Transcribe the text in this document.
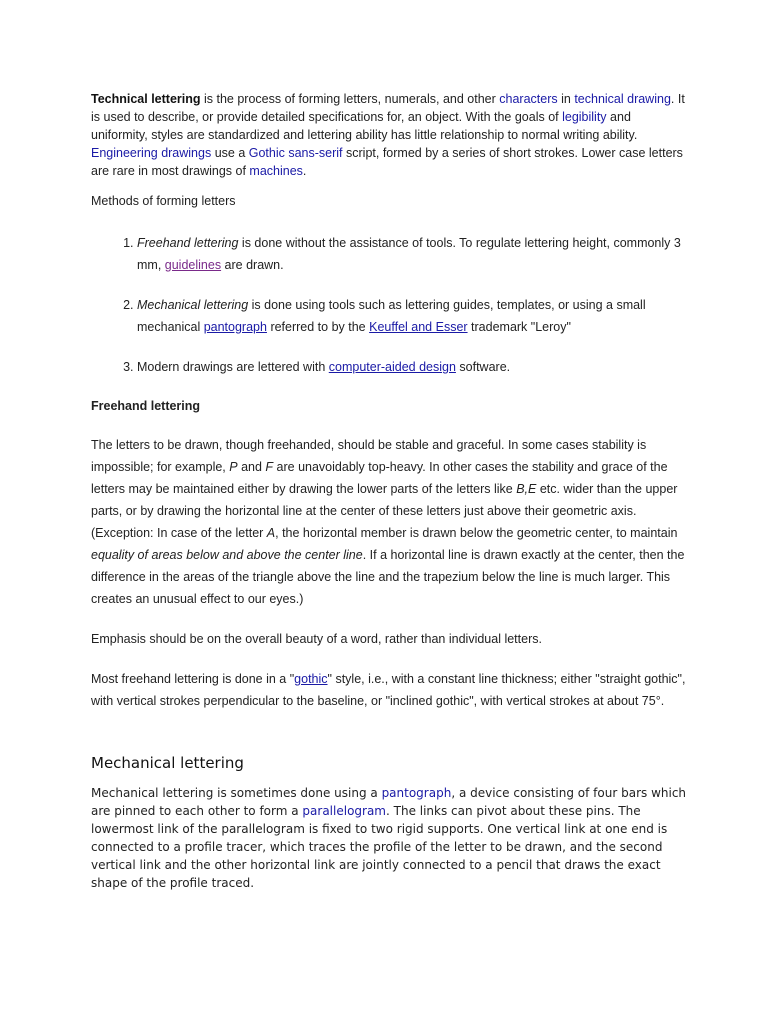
Technical lettering is the process of forming letters, numerals, and other characters in technical drawing. It is used to describe, or provide detailed specifications for, an object. With the goals of legibility and uniformity, styles are standardized and lettering ability has little relationship to normal writing ability. Engineering drawings use a Gothic sans-serif script, formed by a series of short strokes. Lower case letters are rare in most drawings of machines.

Methods of forming letters

1. Freehand lettering is done without the assistance of tools. To regulate lettering height, commonly 3 mm, guidelines are drawn.
2. Mechanical lettering is done using tools such as lettering guides, templates, or using a small mechanical pantograph referred to by the Keuffel and Esser trademark "Leroy"
3. Modern drawings are lettered with computer-aided design software.

Freehand lettering

The letters to be drawn, though freehanded, should be stable and graceful. In some cases stability is impossible; for example, P and F are unavoidably top-heavy. In other cases the stability and grace of the letters may be maintained either by drawing the lower parts of the letters like B,E etc. wider than the upper parts, or by drawing the horizontal line at the center of these letters just above their geometric axis. (Exception: In case of the letter A, the horizontal member is drawn below the geometric center, to maintain equality of areas below and above the center line. If a horizontal line is drawn exactly at the center, then the difference in the areas of the triangle above the line and the trapezium below the line is much larger. This creates an unusual effect to our eyes.)

Emphasis should be on the overall beauty of a word, rather than individual letters.

Most freehand lettering is done in a "gothic" style, i.e., with a constant line thickness; either "straight gothic", with vertical strokes perpendicular to the baseline, or "inclined gothic", with vertical strokes at about 75°.

Mechanical lettering

Mechanical lettering is sometimes done using a pantograph, a device consisting of four bars which are pinned to each other to form a parallelogram. The links can pivot about these pins. The lowermost link of the parallelogram is fixed to two rigid supports. One vertical link at one end is connected to a profile tracer, which traces the profile of the letter to be drawn, and the second vertical link and the other horizontal link are jointly connected to a pencil that draws the exact shape of the profile traced.
